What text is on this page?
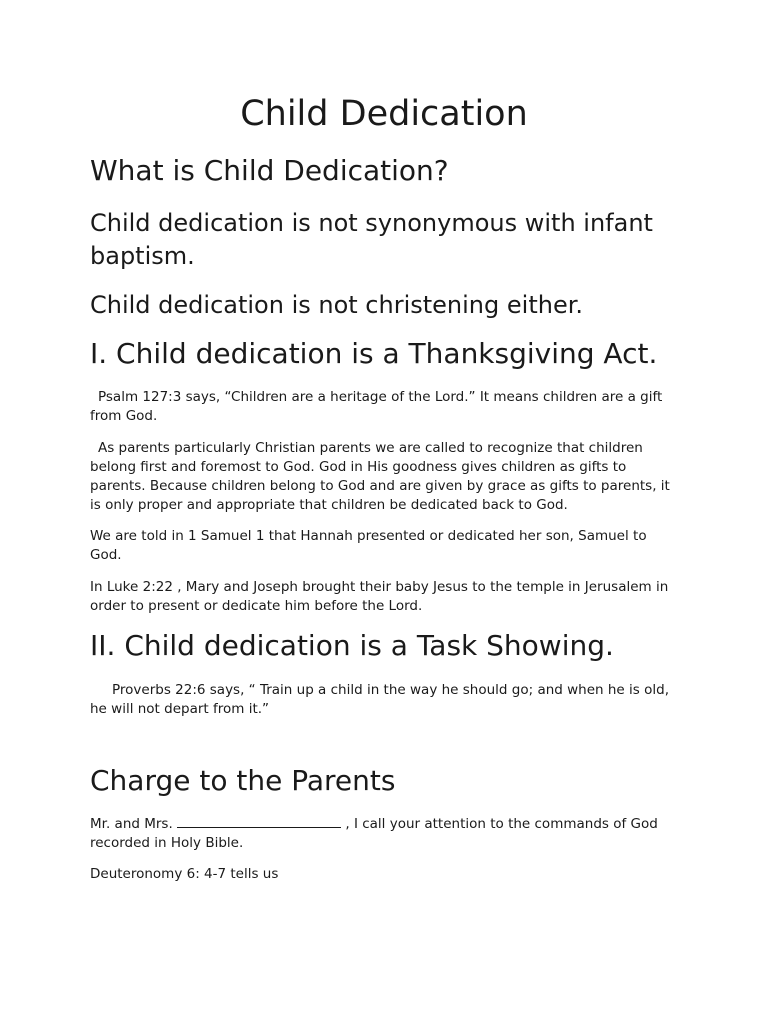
Child Dedication
What is Child Dedication?

Child dedication is not synonymous with infant baptism.

Child dedication is not christening either.

I. Child dedication is a Thanksgiving Act.

Psalm 127:3 says, “Children are a heritage of the Lord.” It means children are a gift from God.

As parents particularly Christian parents we are called to recognize that children belong first and foremost to God. God in His goodness gives children as gifts to parents. Because children belong to God and are given by grace as gifts to parents, it is only proper and appropriate that children be dedicated back to God.

We are told in 1 Samuel 1 that Hannah presented or dedicated her son, Samuel to God.

In Luke 2:22 , Mary and Joseph brought their baby Jesus to the temple in Jerusalem in order to present or dedicate him before the Lord.

II. Child dedication is a Task Showing.

Proverbs 22:6 says, “ Train up a child in the way he should go; and when he is old, he will not depart from it.”

Charge to the Parents

Mr. and Mrs.	, I call your attention to the commands of God recorded in Holy Bible.

Deuteronomy 6: 4-7 tells us
